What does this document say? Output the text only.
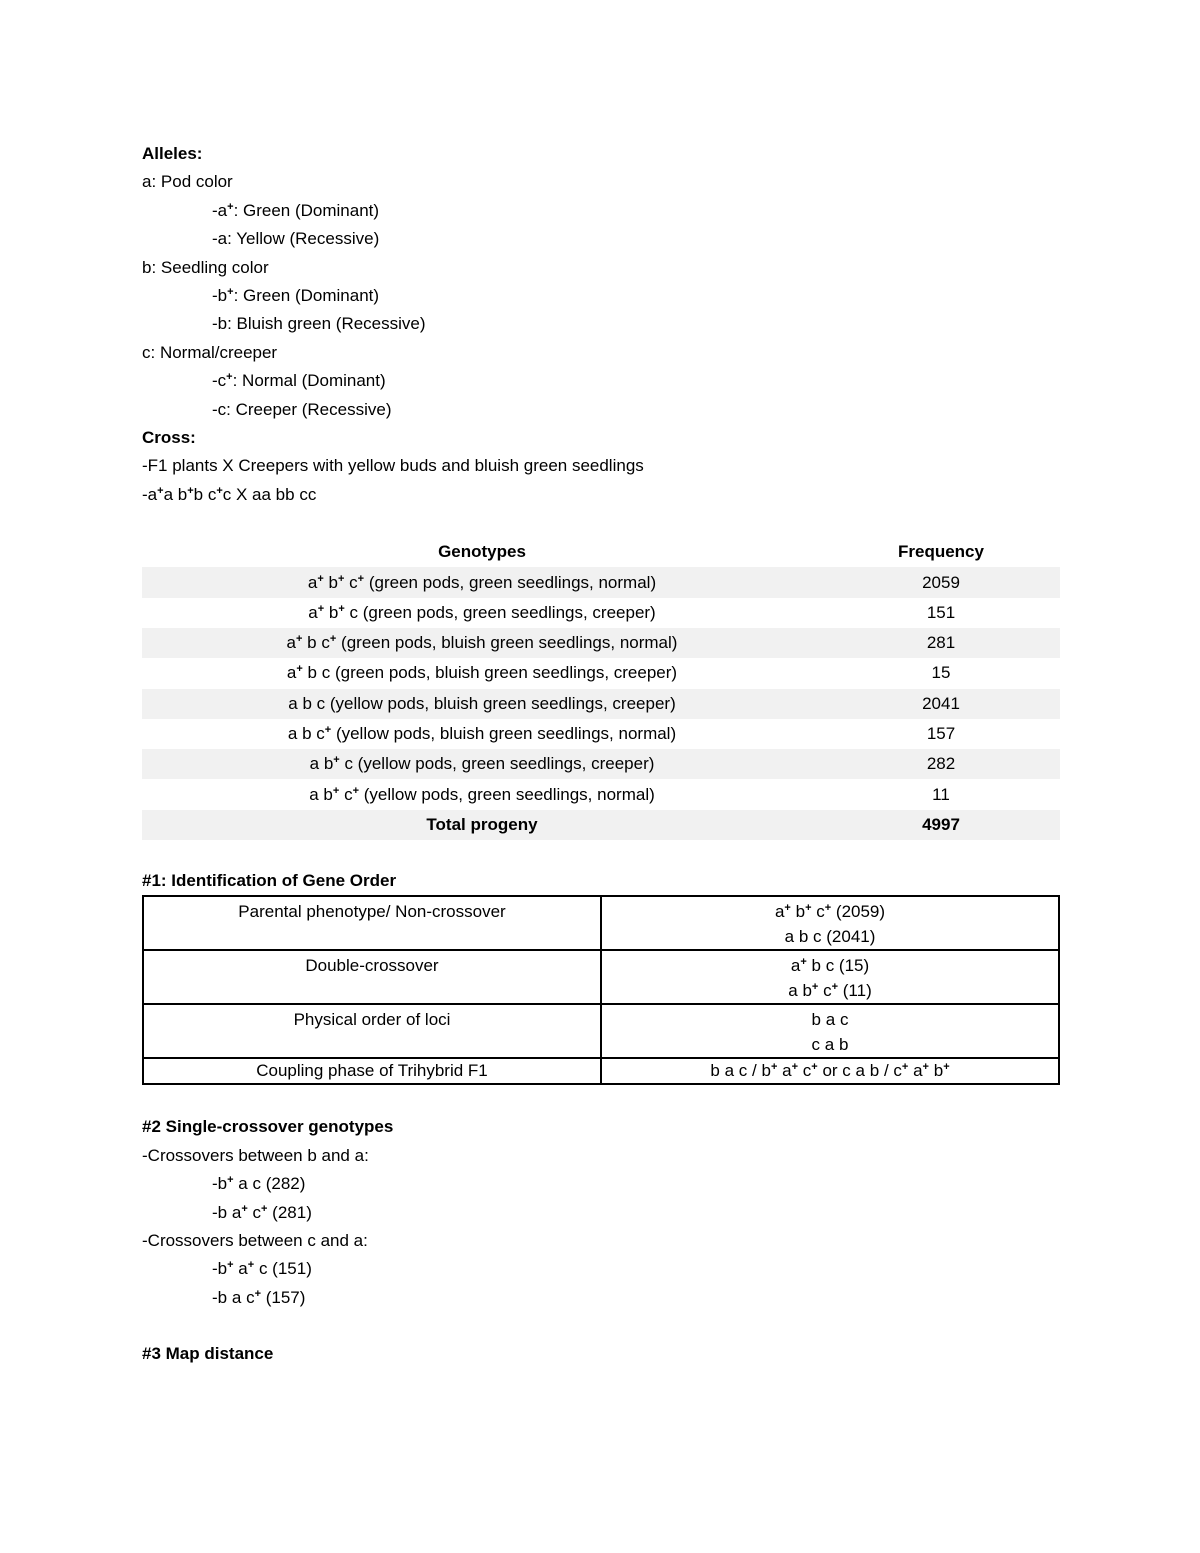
Alleles:
a: Pod color
-a+: Green (Dominant)
-a: Yellow (Recessive)
b: Seedling color
-b+: Green (Dominant)
-b: Bluish green (Recessive)
c: Normal/creeper
-c+: Normal (Dominant)
-c: Creeper (Recessive)
Cross:
-F1 plants X Creepers with yellow buds and bluish green seedlings
-a+a b+b c+c X aa bb cc
Genotypes	Frequency
a+ b+ c+ (green pods, green seedlings, normal)	2059
a+ b+ c (green pods, green seedlings, creeper)	151
a+ b c+ (green pods, bluish green seedlings, normal)	281
a+ b c (green pods, bluish green seedlings, creeper)	15
a b c (yellow pods, bluish green seedlings, creeper)	2041
a b c+ (yellow pods, bluish green seedlings, normal)	157
a b+ c (yellow pods, green seedlings, creeper)	282
a b+ c+ (yellow pods, green seedlings, normal)	11
Total progeny	4997
#1: Identification of Gene Order
Parental phenotype/ Non-crossover	a+ b+ c+ (2059)
a b c (2041)

Double-crossover	a+ b c (15)
a b+ c+ (11)

Physical order of loci	b a c
c a b

Coupling phase of Trihybrid F1	b a c / b+ a+ c+ or c a b / c+ a+ b+
#2 Single-crossover genotypes
-Crossovers between b and a:
-b+ a c (282)
-b a+ c+ (281)
-Crossovers between c and a:
-b+ a+ c (151)
-b a c+ (157)
#3 Map distance
